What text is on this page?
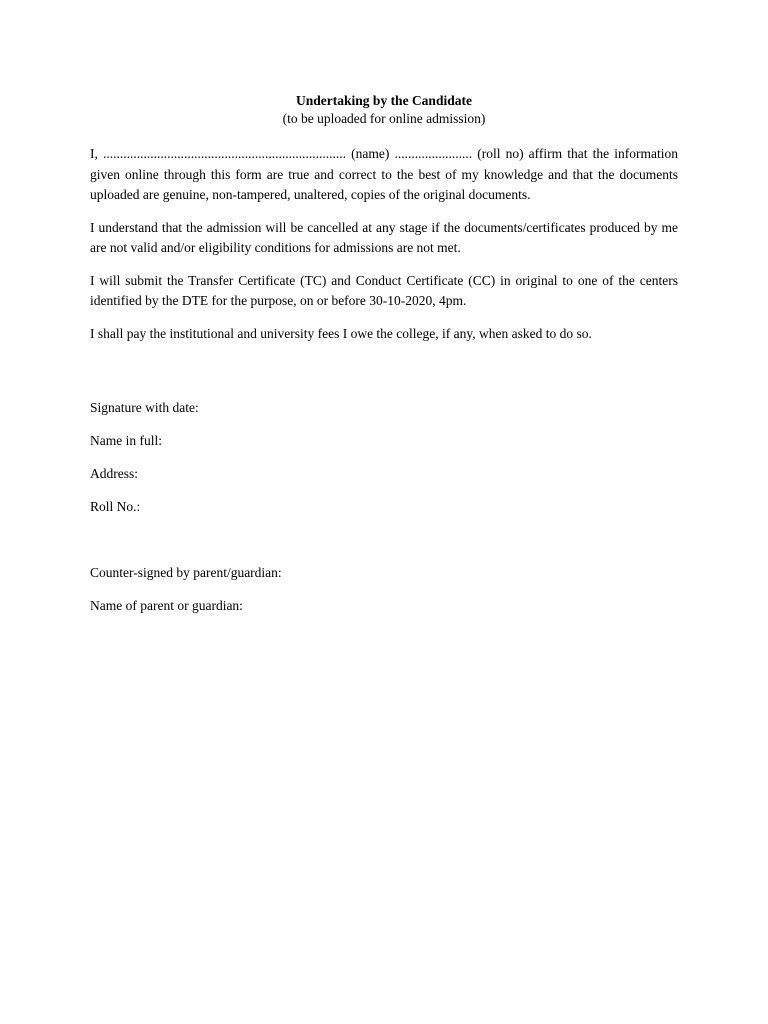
Undertaking by the Candidate

(to be uploaded for online admission)

I, ........................................................................ (name) ....................... (roll no) affirm that the information given online through this form are true and correct to the best of my knowledge and that the documents uploaded are genuine, non-tampered, unaltered, copies of the original documents.

I understand that the admission will be cancelled at any stage if the documents/certificates produced by me are not valid and/or eligibility conditions for admissions are not met.

I will submit the Transfer Certificate (TC) and Conduct Certificate (CC) in original to one of the centers identified by the DTE for the purpose, on or before 30-10-2020, 4pm.

I shall pay the institutional and university fees I owe the college, if any, when asked to do so.

Signature with date:

Name in full:

Address:

Roll No.:

Counter-signed by parent/guardian:

Name of parent or guardian:
